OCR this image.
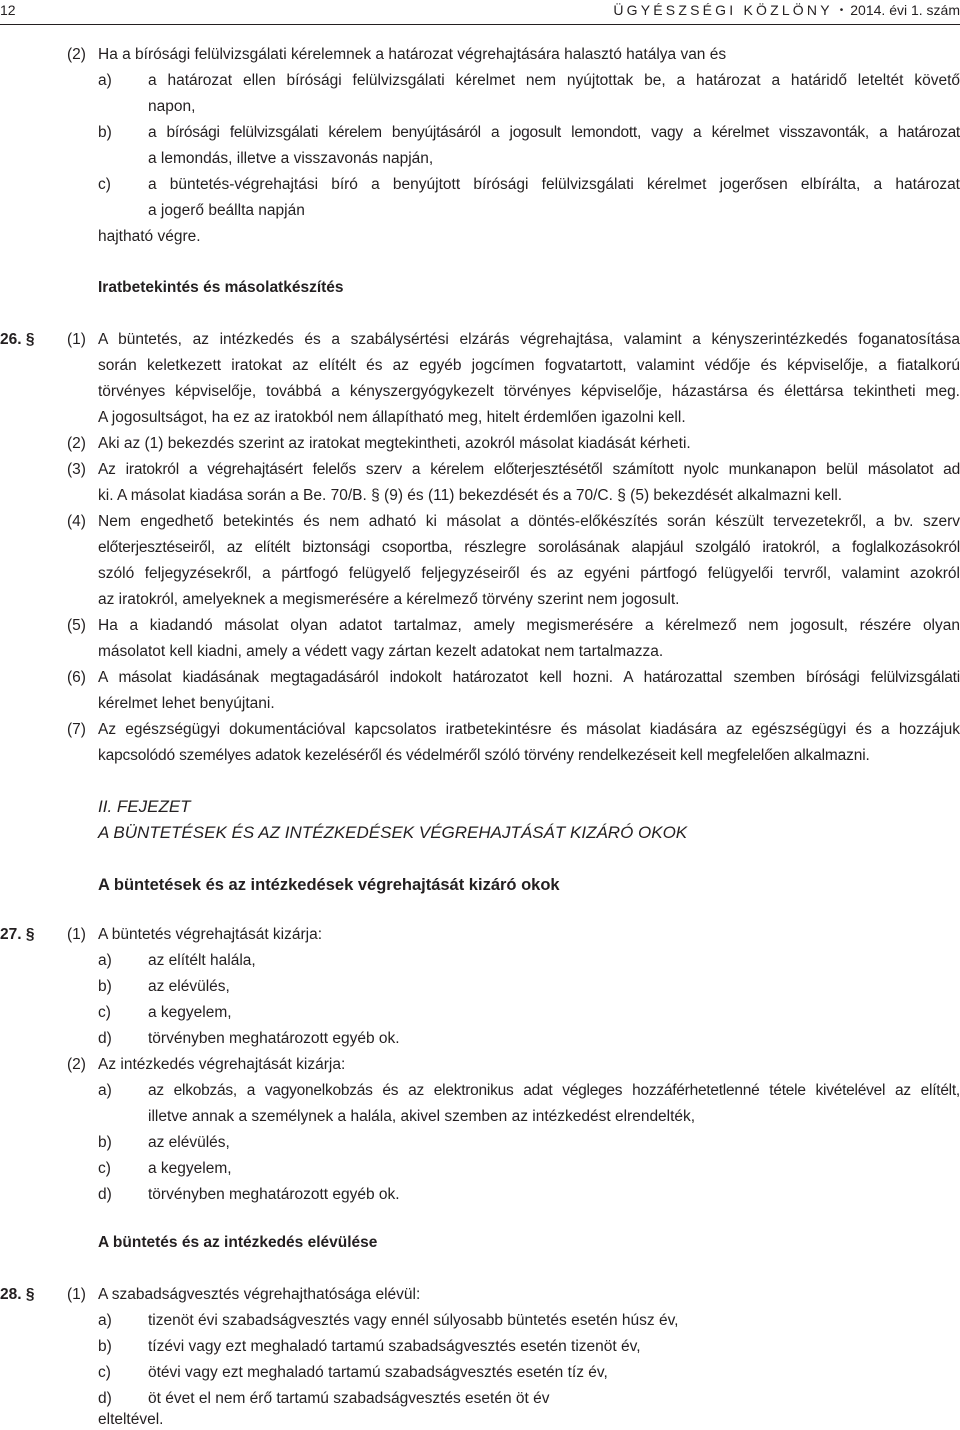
12	ÜGYÉSZSÉGI KÖZLÖNY • 2014. évi 1. szám
(2) Ha a bírósági felülvizsgálati kérelemnek a határozat végrehajtására halasztó hatálya van és
a) a határozat ellen bírósági felülvizsgálati kérelmet nem nyújtottak be, a határozat a határidő leteltét követő
napon,
b) a bírósági felülvizsgálati kérelem benyújtásáról a jogosult lemondott, vagy a kérelmet visszavonták, a határozat
a lemondás, illetve a visszavonás napján,
c) a büntetés-végrehajtási bíró a benyújtott bírósági felülvizsgálati kérelmet jogerősen elbírálta, a határozat
a jogerő beállta napján
hajtható végre.
Iratbetekintés és másolatkészítés
26. § (1) A büntetés, az intézkedés és a szabálysértési elzárás végrehajtása, valamint a kényszerintézkedés foganatosítása
során keletkezett iratokat az elítélt és az egyéb jogcímen fogvatartott, valamint védője és képviselője, a fiatalkorú
törvényes képviselője, továbbá a kényszergyógykezelt törvényes képviselője, házastársa és élettársa tekintheti meg.
A jogosultságot, ha ez az iratokból nem állapítható meg, hitelt érdemlően igazolni kell.
(2) Aki az (1) bekezdés szerint az iratokat megtekintheti, azokról másolat kiadását kérheti.
(3) Az iratokról a végrehajtásért felelős szerv a kérelem előterjesztésétől számított nyolc munkanapon belül másolatot ad
ki. A másolat kiadása során a Be. 70/B. § (9) és (11) bekezdését és a 70/C. § (5) bekezdését alkalmazni kell.
(4) Nem engedhető betekintés és nem adható ki másolat a döntés-előkészítés során készült tervezetekről, a bv. szerv
előterjesztéseiről, az elítélt biztonsági csoportba, részlegre sorolásának alapjául szolgáló iratokról, a foglalkozásokról
szóló feljegyzésekről, a pártfogó felügyelő feljegyzéseiről és az egyéni pártfogó felügyelői tervről, valamint azokról
az iratokról, amelyeknek a megismerésére a kérelmező törvény szerint nem jogosult.
(5) Ha a kiadandó másolat olyan adatot tartalmaz, amely megismerésére a kérelmező nem jogosult, részére olyan
másolatot kell kiadni, amely a védett vagy zártan kezelt adatokat nem tartalmazza.
(6) A másolat kiadásának megtagadásáról indokolt határozatot kell hozni. A határozattal szemben bírósági felülvizsgálati
kérelmet lehet benyújtani.
(7) Az egészségügyi dokumentációval kapcsolatos iratbetekintésre és másolat kiadására az egészségügyi és a hozzájuk
kapcsolódó személyes adatok kezeléséről és védelméről szóló törvény rendelkezéseit kell megfelelően alkalmazni.
II. FEJEZET
A BÜNTETÉSEK ÉS AZ INTÉZKEDÉSEK VÉGREHAJTÁSÁT KIZÁRÓ OKOK
A büntetések és az intézkedések végrehajtását kizáró okok
27. § (1) A büntetés végrehajtását kizárja:
a) az elítélt halála,
b) az elévülés,
c) a kegyelem,
d) törvényben meghatározott egyéb ok.
(2) Az intézkedés végrehajtását kizárja:
a) az elkobzás, a vagyonelkobzás és az elektronikus adat végleges hozzáférhetetlenné tétele kivételével az elítélt,
illetve annak a személynek a halála, akivel szemben az intézkedést elrendelték,
b) az elévülés,
c) a kegyelem,
d) törvényben meghatározott egyéb ok.
A büntetés és az intézkedés elévülése
28. § (1) A szabadságvesztés végrehajthatósága elévül:
a) tizenöt évi szabadságvesztés vagy ennél súlyosabb büntetés esetén húsz év,
b) tízévi vagy ezt meghaladó tartamú szabadságvesztés esetén tizenöt év,
c) ötévi vagy ezt meghaladó tartamú szabadságvesztés esetén tíz év,
d) öt évet el nem érő tartamú szabadságvesztés esetén öt év
elteltével.
